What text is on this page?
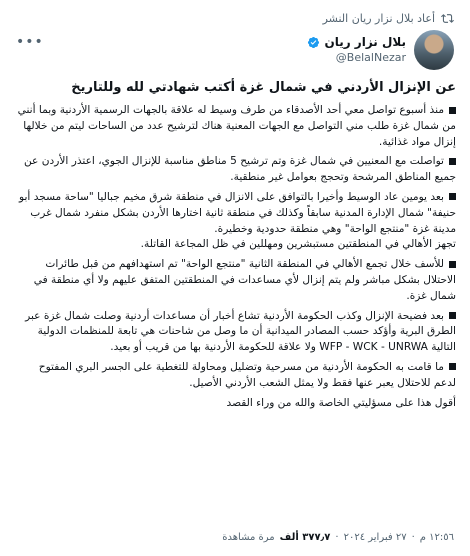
أعاد بلال نزار ريان النشر
بلال نزار ريان
@BelalNezar
•••

عن الإنزال الأردني في شمال غزة أكتب شهادتي لله وللتاريخ

منذ أسبوع تواصل معي أحد الأصدقاء من طرف وسيط له علاقة بالجهات الرسمية الأردنية وبما أنني من شمال غزة طلب مني التواصل مع الجهات المعنية هناك لترشيح عدد من الساحات ليتم من خلالها إنزال مواد غذائية.

تواصلت مع المعنيين في شمال غزة وتم ترشيح 5 مناطق مناسبة للإنزال الجوي، اعتذر الأردن عن جميع المناطق المرشحة وتحجج بعوامل غير منطقية.

بعد يومين عاد الوسيط وأخيرا بالتوافق على الانزال في منطقة شرق مخيم جباليا "ساحة مسجد أبو حنيفة" شمال الإدارة المدنية سابقاً وكذلك في منطقة ثانية اختارها الأردن بشكل منفرد شمال غرب مدينة غزة "منتجع الواحة" وهي منطقة حدودية وخطيرة.

تجهز الأهالي في المنطقتين مستبشرين ومهللين في ظل المجاعة القاتلة.

للأسف خلال تجمع الأهالي في المنطقة الثانية "منتجع الواحة" تم استهدافهم من قبل طائرات الاحتلال بشكل مباشر ولم يتم إنزال لأي مساعدات في المنطقتين المتفق عليهم ولا أي منطقة في شمال غزة.

بعد فضيحة الإنزال وكذب الحكومة الأردنية تشاع أخبار أن مساعدات أردنية وصلت شمال غزة عبر الطرق البرية وأؤكد حسب المصادر الميدانية أن ما وصل من شاحنات هي تابعة للمنظمات الدولية التالية WFP - WCK - UNRWA ولا علاقة للحكومة الأردنية بها من قريب أو بعيد.

ما قامت به الحكومة الأردنية من مسرحية وتضليل ومحاولة للتغطية على الجسر البري المفتوح لدعم للاحتلال يعبر عنها فقط ولا يمثل الشعب الأردني الأصيل.

أقول هذا على مسؤليتي الخاصة والله من وراء القصد

١٢:٥٦ م
·
٢٧ فبراير ٢٠٢٤
·
٣٧٧٫٧ ألف
مرة مشاهدة
